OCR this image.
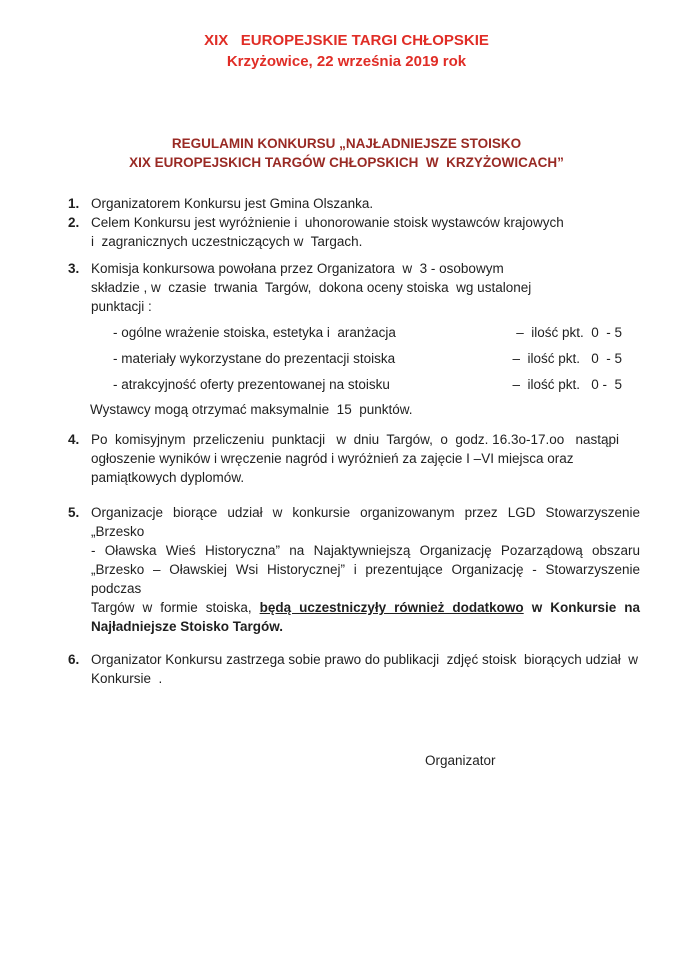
XIX   EUROPEJSKIE TARGI CHŁOPSKIE
Krzyżowice, 22 września 2019 rok
REGULAMIN KONKURSU „NAJŁADNIEJSZE STOISKO
XIX EUROPEJSKICH TARGÓW CHŁOPSKICH  W  KRZYŻOWICACH”
1. Organizatorem Konkursu jest Gmina Olszanka.
2. Celem Konkursu jest wyróżnienie i  uhonorowanie stoisk wystawców krajowych
i  zagranicznych uczestniczących w  Targach.
3. Komisja konkursowa powołana przez Organizatora  w  3 - osobowym
składzie , w  czasie  trwania  Targów,  dokona oceny stoiska  wg ustalonej
punktacji :
- ogólne wrażenie stoiska, estetyka i  aranżacja	–  ilość pkt.  0  - 5
- materiały wykorzystane do prezentacji stoiska	–  ilość pkt.   0  - 5
- atrakcyjność oferty prezentowanej na stoisku	–  ilość pkt.   0 -  5
Wystawcy mogą otrzymać maksymalnie  15  punktów.
4. Po  komisyjnym  przeliczeniu  punktacji   w  dniu  Targów,  o  godz. 16.3o-17.oo   nastąpi
ogłoszenie wyników i wręczenie nagród i wyróżnień za zajęcie I –VI miejsca oraz
pamiątkowych dyplomów.
5. Organizacje biorące udział w konkursie organizowanym przez LGD Stowarzyszenie „Brzesko
- Oławska Wieś Historyczna” na Najaktywniejszą Organizację Pozarządową obszaru
„Brzesko – Oławskiej Wsi Historycznej” i prezentujące Organizację - Stowarzyszenie podczas
Targów w formie stoiska, będą uczestniczyły również dodatkowo w Konkursie na
Najładniejsze Stoisko Targów.
6. Organizator Konkursu zastrzega sobie prawo do publikacji  zdjęć stoisk  biorących udział  w
Konkursie  .
Organizator
